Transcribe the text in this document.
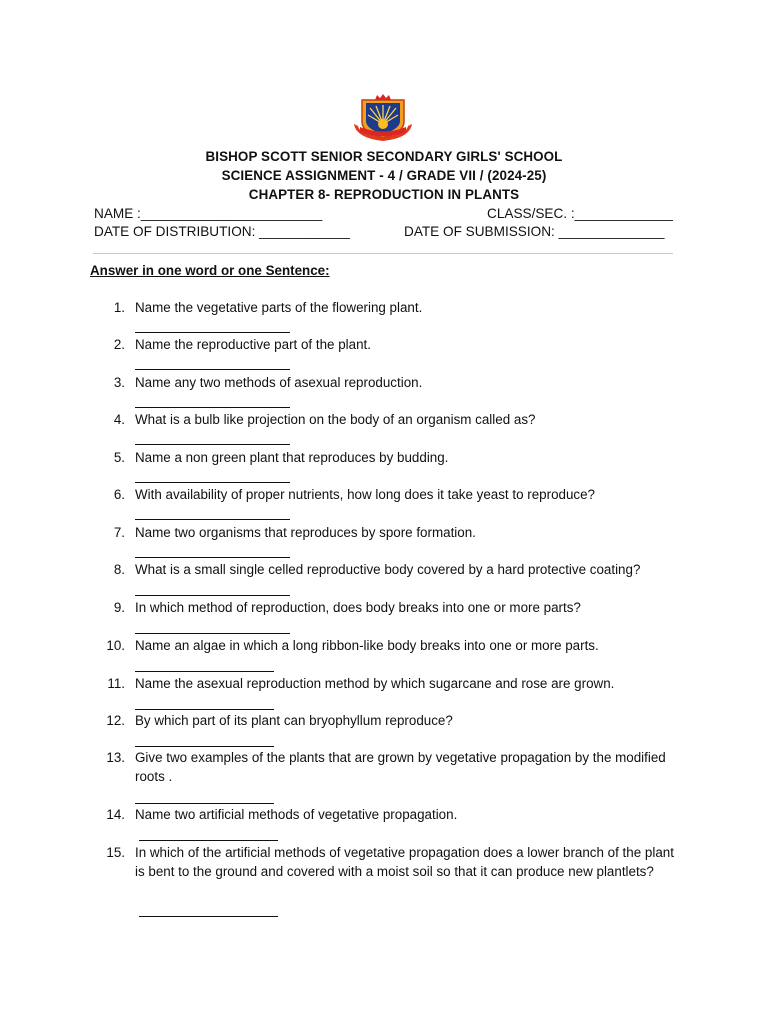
BISHOP SCOTT SENIOR SECONDARY GIRLS' SCHOOL
SCIENCE ASSIGNMENT - 4 / GRADE VII / (2024-25)
CHAPTER 8- REPRODUCTION IN PLANTS
NAME :________________________	CLASS/SEC. :_____________
DATE OF DISTRIBUTION: ____________	DATE OF SUBMISSION: ______________
Answer in one word or one Sentence:
1. Name the vegetative parts of the flowering plant.
2. Name the reproductive part of the plant.
3. Name any two methods of asexual reproduction.
4. What is a bulb like projection on the body of an organism called as?
5. Name a non green plant that reproduces by budding.
6. With availability of proper nutrients, how long does it take yeast to reproduce?
7. Name two organisms that reproduces by spore formation.
8. What is a small single celled reproductive body covered by a hard protective coating?
9. In which method of reproduction, does body breaks into one or more parts?
10. Name an algae in which a long ribbon-like body breaks into one or more parts.
11. Name the asexual reproduction method by which sugarcane and rose are grown.
12. By which part of its plant can bryophyllum reproduce?
13. Give two examples of the plants that are grown by vegetative propagation by the modified roots .
14. Name two artificial methods of vegetative propagation.
15. In which of the artificial methods of vegetative propagation does a lower branch of the plant is bent to the ground and covered with a moist soil so that it can produce new plantlets?
